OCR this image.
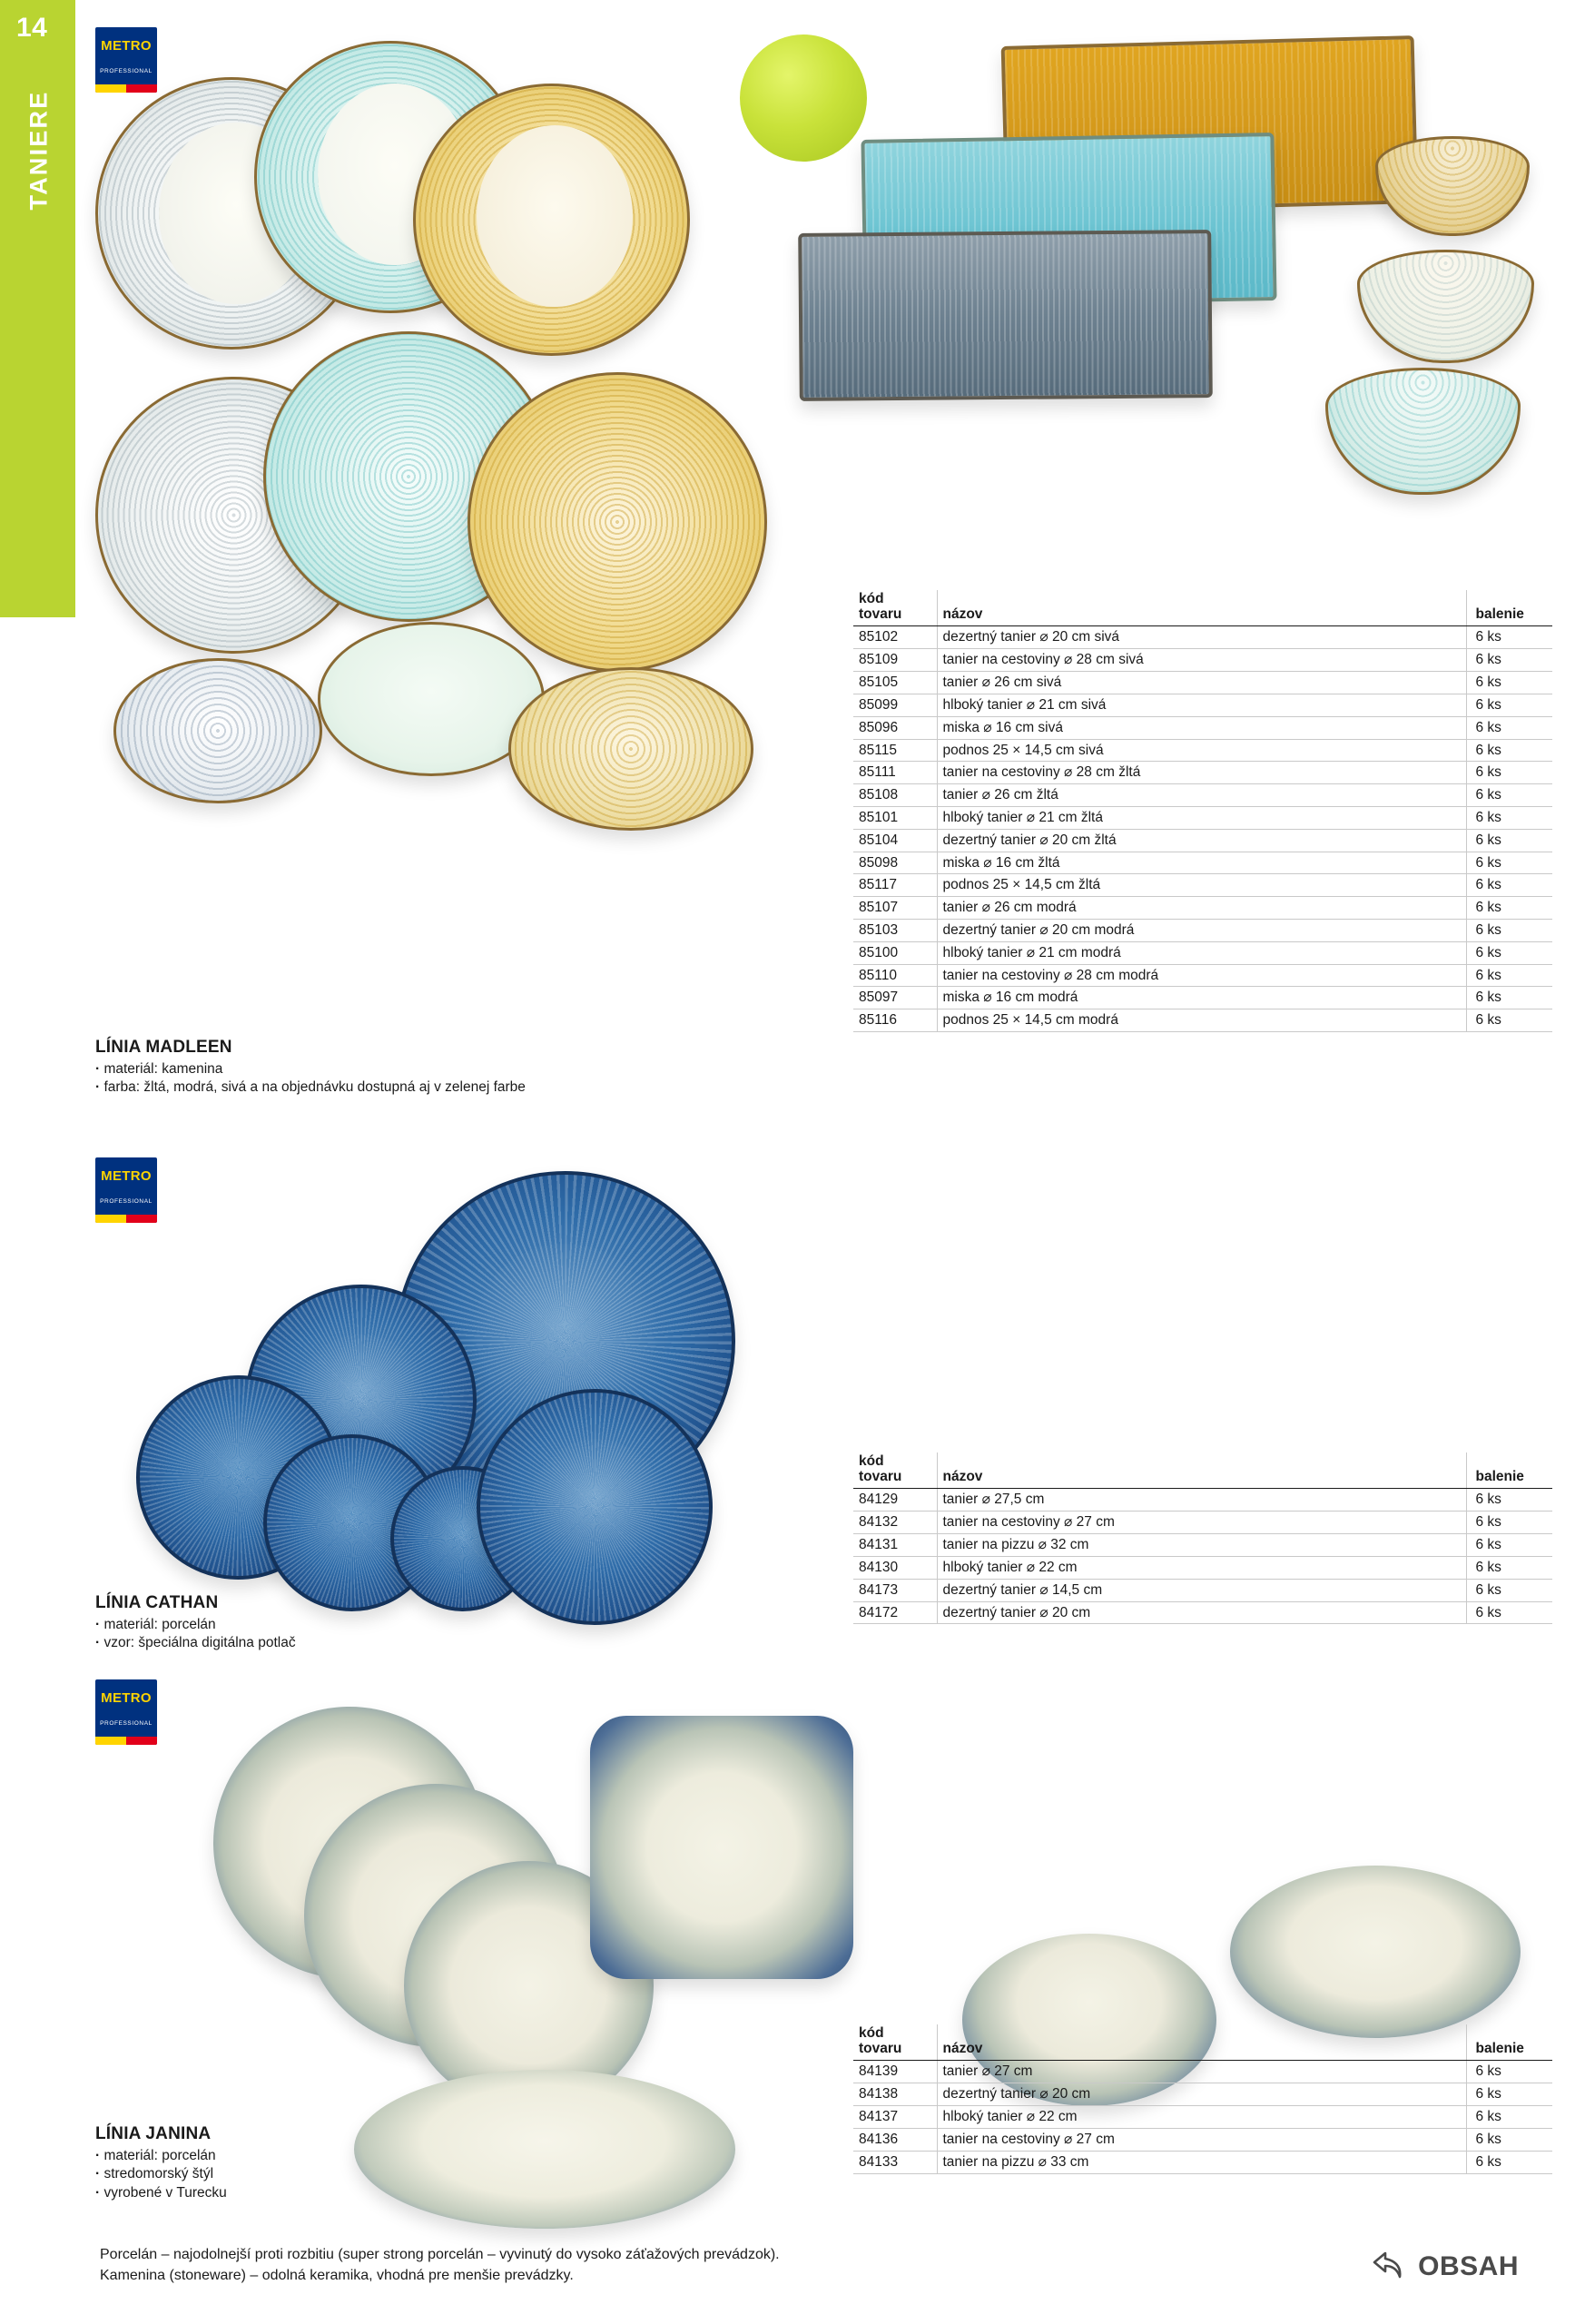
14
TANIERE
METRO
PROFESSIONAL
LÍNIA MADLEEN
· materiál: kamenina
· farba: žltá, modrá, sivá a na objednávku dostupná aj v zelenej farbe
kód
tovaru	názov	balenie
85102	dezertný tanier ⌀ 20 cm sivá	6 ks
85109	tanier na cestoviny ⌀ 28 cm sivá	6 ks
85105	tanier ⌀ 26 cm sivá	6 ks
85099	hlboký tanier ⌀ 21 cm sivá	6 ks
85096	miska ⌀ 16 cm sivá	6 ks
85115	podnos 25 × 14,5 cm sivá	6 ks
85111	tanier na cestoviny ⌀ 28 cm žltá	6 ks
85108	tanier ⌀ 26 cm žltá	6 ks
85101	hlboký tanier ⌀ 21 cm žltá	6 ks
85104	dezertný tanier ⌀ 20 cm žltá	6 ks
85098	miska ⌀ 16 cm žltá	6 ks
85117	podnos 25 × 14,5 cm žltá	6 ks
85107	tanier ⌀ 26 cm modrá	6 ks
85103	dezertný tanier ⌀ 20 cm modrá	6 ks
85100	hlboký tanier ⌀ 21 cm modrá	6 ks
85110	tanier na cestoviny ⌀ 28 cm modrá	6 ks
85097	miska ⌀ 16 cm modrá	6 ks
85116	podnos 25 × 14,5 cm modrá	6 ks
METRO
PROFESSIONAL
LÍNIA CATHAN
· materiál: porcelán
· vzor: špeciálna digitálna potlač
kód
tovaru	názov	balenie
84129	tanier ⌀ 27,5 cm	6 ks
84132	tanier na cestoviny ⌀ 27 cm	6 ks
84131	tanier na pizzu ⌀ 32 cm	6 ks
84130	hlboký tanier ⌀ 22 cm	6 ks
84173	dezertný tanier ⌀ 14,5 cm	6 ks
84172	dezertný tanier ⌀ 20 cm	6 ks
METRO
PROFESSIONAL
LÍNIA JANINA
· materiál: porcelán
· stredomorský štýl
· vyrobené v Turecku
kód
tovaru	názov	balenie
84139	tanier ⌀ 27 cm	6 ks
84138	dezertný tanier ⌀ 20 cm	6 ks
84137	hlboký tanier ⌀ 22 cm	6 ks
84136	tanier na cestoviny ⌀ 27 cm	6 ks
84133	tanier na pizzu ⌀ 33 cm	6 ks
Porcelán – najodolnejší proti rozbitiu (super strong porcelán – vyvinutý do vysoko záťažových prevádzok).
Kamenina (stoneware) – odolná keramika, vhodná pre menšie prevádzky.	OBSAH
